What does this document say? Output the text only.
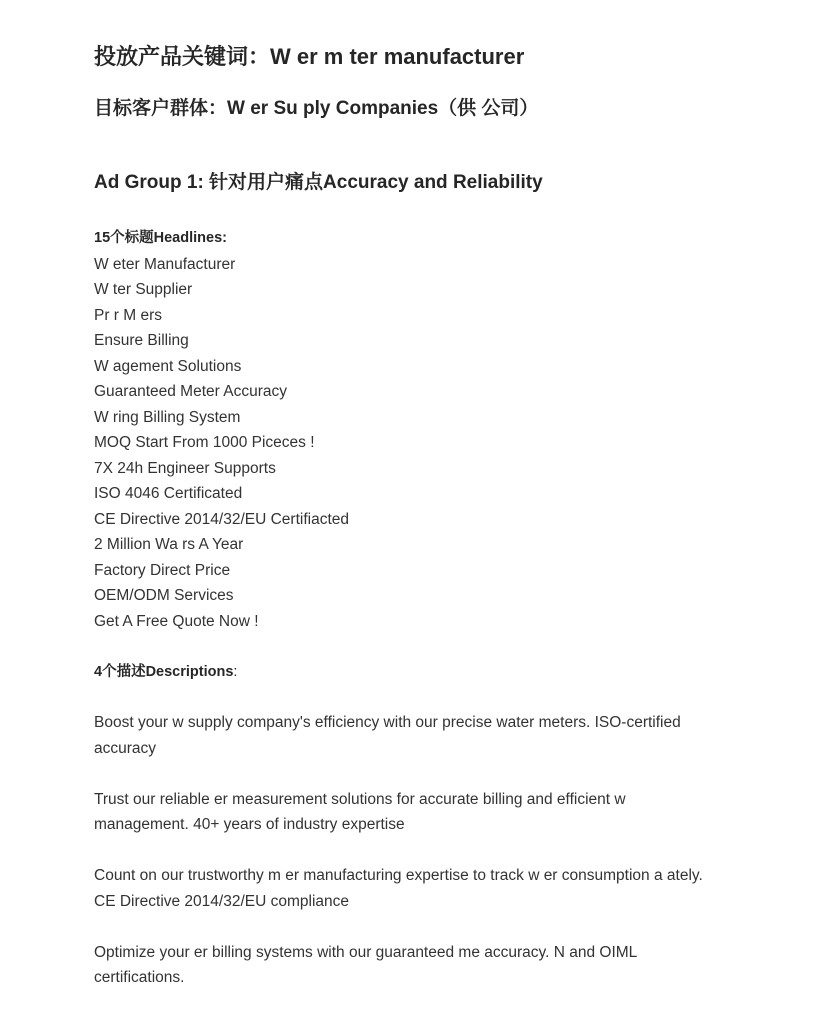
投放产品关键词：W er m ter manufacturer
目标客户群体：W er Su ply Companies（供 公司）
Ad Group 1: 针对用户痛点Accuracy and Reliability
15个标题Headlines:
W eter Manufacturer
W ter Supplier
Pr r M ers
Ensure Billing
W agement Solutions
Guaranteed Meter Accuracy
W ring Billing System
MOQ Start From 1000 Piceces !
7X 24h Engineer Supports
ISO 4046 Certificated
CE Directive 2014/32/EU Certifiacted
2 Million Wa rs A Year
Factory Direct Price
OEM/ODM Services
Get A Free Quote Now !
4个描述Descriptions:

Boost your w supply company's efficiency with our precise water meters. ISO-certified accuracy

Trust our reliable er measurement solutions for accurate billing and efficient w management. 40+ years of industry expertise

Count on our trustworthy m er manufacturing expertise to track w er consumption a ately. CE Directive 2014/32/EU compliance

Optimize your er billing systems with our guaranteed me accuracy. N and OIML certifications.
